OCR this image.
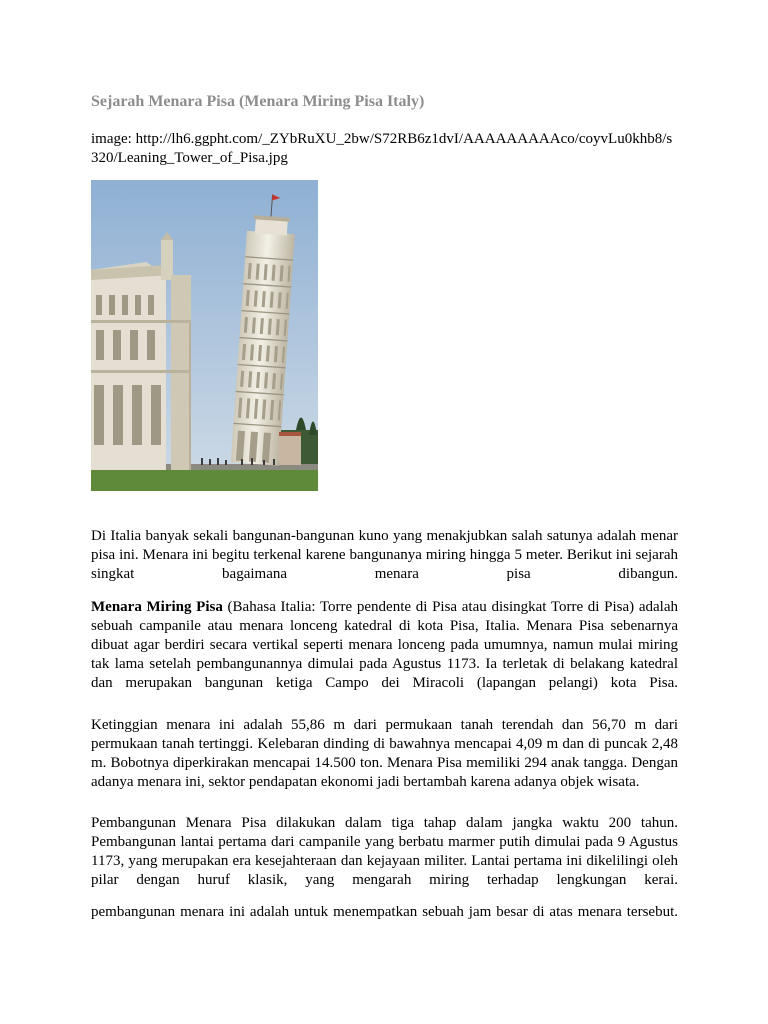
Sejarah Menara Pisa (Menara Miring Pisa Italy)
image: http://lh6.ggpht.com/_ZYbRuXU_2bw/S72RB6z1dvI/AAAAAAAAAco/coyvLu0khb8/s320/Leaning_Tower_of_Pisa.jpg

Di Italia banyak sekali bangunan-bangunan kuno yang menakjubkan salah satunya adalah menar pisa ini. Menara ini begitu terkenal karene bangunanya miring hingga 5 meter. Berikut ini sejarah singkat bagaimana menara pisa dibangun.

Menara Miring Pisa (Bahasa Italia: Torre pendente di Pisa atau disingkat Torre di Pisa) adalah sebuah campanile atau menara lonceng katedral di kota Pisa, Italia. Menara Pisa sebenarnya dibuat agar berdiri secara vertikal seperti menara lonceng pada umumnya, namun mulai miring tak lama setelah pembangunannya dimulai pada Agustus 1173. Ia terletak di belakang katedral dan merupakan bangunan ketiga Campo dei Miracoli (lapangan pelangi) kota Pisa.

Ketinggian menara ini adalah 55,86 m dari permukaan tanah terendah dan 56,70 m dari permukaan tanah tertinggi. Kelebaran dinding di bawahnya mencapai 4,09 m dan di puncak 2,48 m. Bobotnya diperkirakan mencapai 14.500 ton. Menara Pisa memiliki 294 anak tangga. Dengan adanya menara ini, sektor pendapatan ekonomi jadi bertambah karena adanya objek wisata.

Pembangunan Menara Pisa dilakukan dalam tiga tahap dalam jangka waktu 200 tahun. Pembangunan lantai pertama dari campanile yang berbatu marmer putih dimulai pada 9 Agustus 1173, yang merupakan era kesejahteraan dan kejayaan militer. Lantai pertama ini dikelilingi oleh pilar dengan huruf klasik, yang mengarah miring terhadap lengkungan kerai.

pembangunan menara ini adalah untuk menempatkan sebuah jam besar di atas menara tersebut.
